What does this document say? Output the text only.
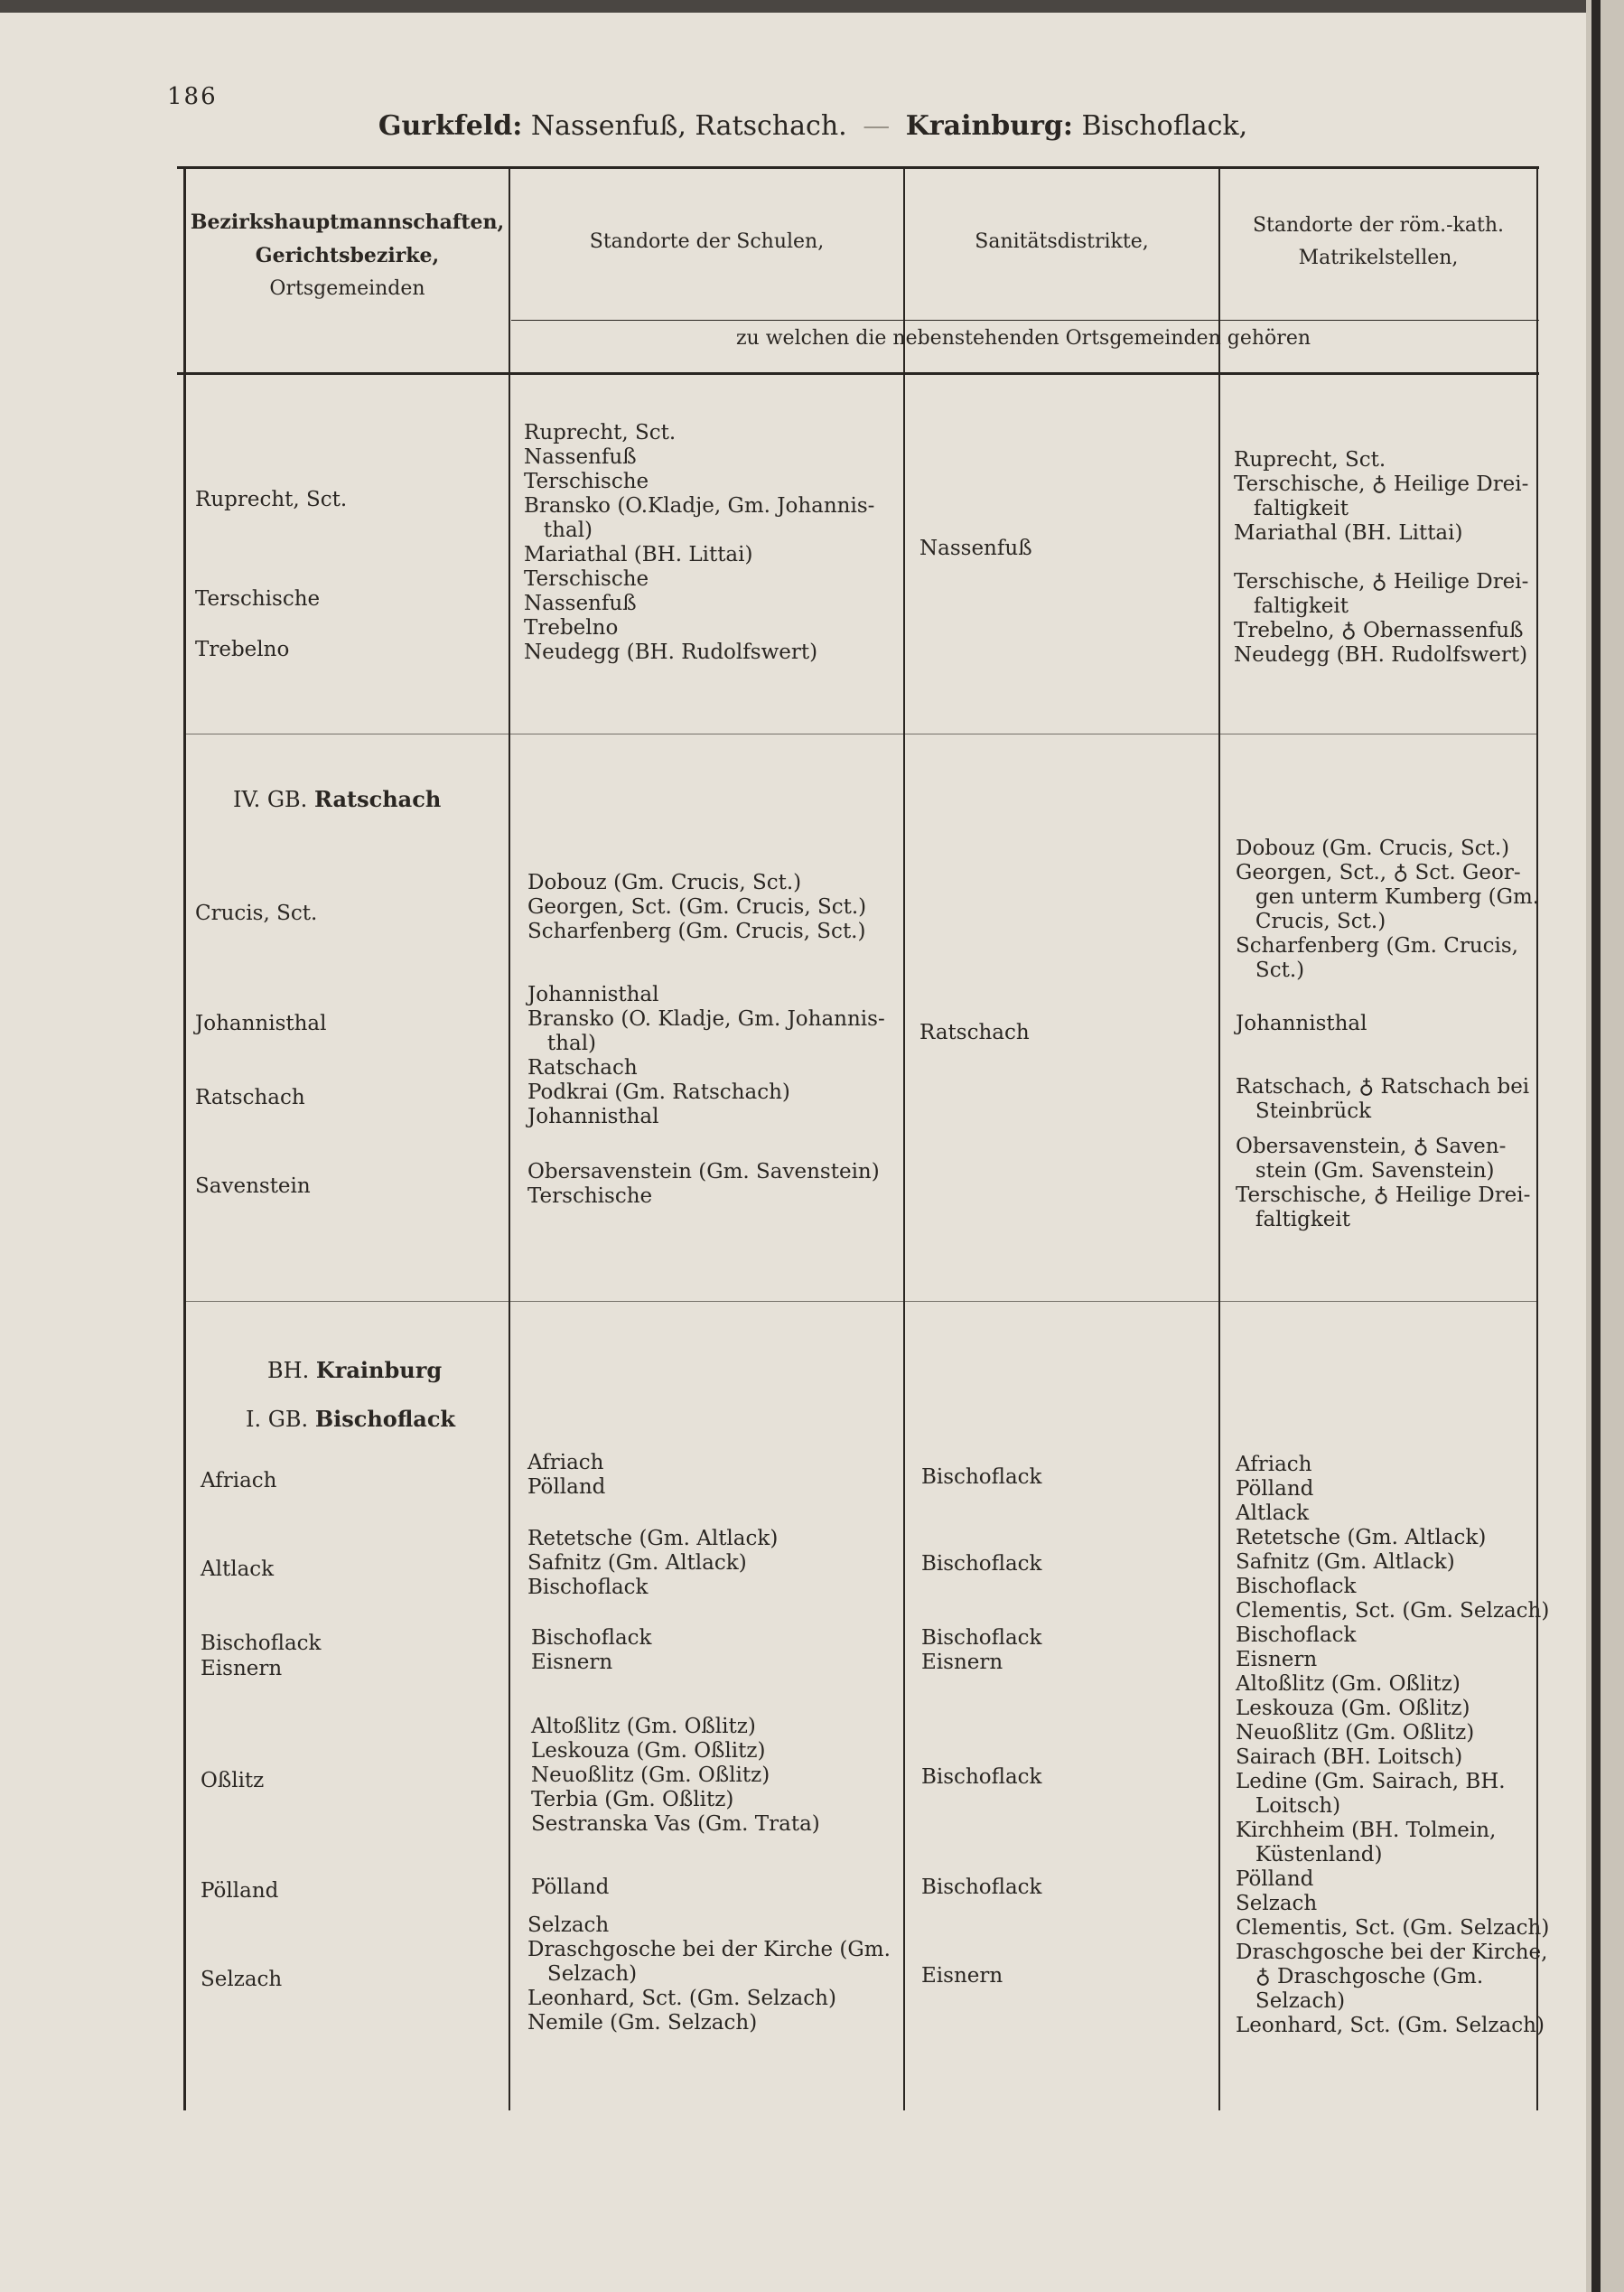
186
Gurkfeld: Nassenfuß, Ratschach. — Krainburg: Bischoflack,
Bezirkshauptmannschaften,
Gerichtsbezirke,
Ortsgemeinden
Standorte der Schulen,	Sanitätsdistrikte,
Standorte der röm.-kath.
Matrikelstellen,
zu welchen die nebenstehenden Ortsgemeinden gehören
Ruprecht, Sct.
Terschische
Trebelno
Ruprecht, Sct.
Nassenfuß
Terschische
Bransko (O.Kladje, Gm. Johannis-
thal)
Mariathal (BH. Littai)
Terschische
Nassenfuß
Trebelno
Neudegg (BH. Rudolfswert)
Nassenfuß
Ruprecht, Sct.
Terschische, ♁ Heilige Drei-
faltigkeit
Mariathal (BH. Littai)

Terschische, ♁ Heilige Drei-
faltigkeit
Trebelno, ♁ Obernassenfuß
Neudegg (BH. Rudolfswert)
IV. GB. Ratschach
Crucis, Sct.
Johannisthal
Ratschach
Savenstein
Dobouz (Gm. Crucis, Sct.)
Georgen, Sct. (Gm. Crucis, Sct.)
Scharfenberg (Gm. Crucis, Sct.)
Johannisthal
Bransko (O. Kladje, Gm. Johannis-
thal)
Ratschach
Podkrai (Gm. Ratschach)
Johannisthal
Obersavenstein (Gm. Savenstein)
Terschische
Ratschach
Dobouz (Gm. Crucis, Sct.)
Georgen, Sct., ♁ Sct. Geor-
gen unterm Kumberg (Gm.
Crucis, Sct.)
Scharfenberg (Gm. Crucis,
Sct.)
Johannisthal
Ratschach, ♁ Ratschach bei
Steinbrück
Obersavenstein, ♁ Saven-
stein (Gm. Savenstein)
Terschische, ♁ Heilige Drei-
faltigkeit
BH. Krainburg
I. GB. Bischoflack
Afriach
Altlack
Bischoflack
Eisnern
Oßlitz
Pölland
Selzach
Afriach
Pölland
Retetsche (Gm. Altlack)
Safnitz (Gm. Altlack)
Bischoflack
Bischoflack
Eisnern
Altoßlitz (Gm. Oßlitz)
Leskouza (Gm. Oßlitz)
Neuoßlitz (Gm. Oßlitz)
Terbia (Gm. Oßlitz)
Sestranska Vas (Gm. Trata)
Pölland
Selzach
Draschgosche bei der Kirche (Gm.
Selzach)
Leonhard, Sct. (Gm. Selzach)
Nemile (Gm. Selzach)
Bischoflack
Bischoflack
Bischoflack
Eisnern
Bischoflack
Bischoflack
Eisnern
Afriach
Pölland
Altlack
Retetsche (Gm. Altlack)
Safnitz (Gm. Altlack)
Bischoflack
Clementis, Sct. (Gm. Selzach)
Bischoflack
Eisnern
Altoßlitz (Gm. Oßlitz)
Leskouza (Gm. Oßlitz)
Neuoßlitz (Gm. Oßlitz)
Sairach (BH. Loitsch)
Ledine (Gm. Sairach, BH.
Loitsch)
Kirchheim (BH. Tolmein,
Küstenland)
Pölland
Selzach
Clementis, Sct. (Gm. Selzach)
Draschgosche bei der Kirche,
♁ Draschgosche (Gm.
Selzach)
Leonhard, Sct. (Gm. Selzach)
